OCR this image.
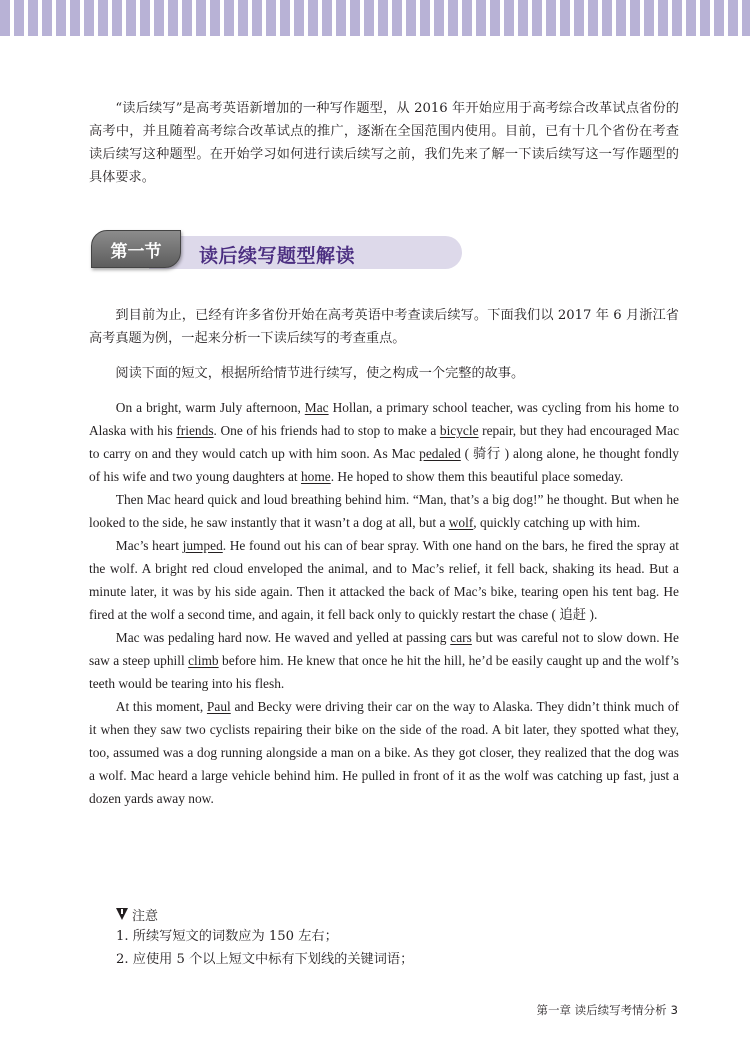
“读后续写”是高考英语新增加的一种写作题型，从 2016 年开始应用于高考综合改革试点省份的高考中，并且随着高考综合改革试点的推广，逐渐在全国范围内使用。目前，已有十几个省份在考查读后续写这种题型。在开始学习如何进行读后续写之前，我们先来了解一下读后续写这一写作题型的具体要求。

读后续写题型解读
第一节

到目前为止，已经有许多省份开始在高考英语中考查读后续写。下面我们以 2017 年 6 月浙江省高考真题为例，一起来分析一下读后续写的考查重点。

阅读下面的短文，根据所给情节进行续写，使之构成一个完整的故事。

On a bright, warm July afternoon, Mac Hollan, a primary school teacher, was cycling from his home to Alaska with his friends. One of his friends had to stop to make a bicycle repair, but they had encouraged Mac to carry on and they would catch up with him soon. As Mac pedaled ( 骑行 ) along alone, he thought fondly of his wife and two young daughters at home. He hoped to show them this beautiful place someday.

Then Mac heard quick and loud breathing behind him. “Man, that’s a big dog!” he thought. But when he looked to the side, he saw instantly that it wasn’t a dog at all, but a wolf, quickly catching up with him.

Mac’s heart jumped. He found out his can of bear spray. With one hand on the bars, he fired the spray at the wolf. A bright red cloud enveloped the animal, and to Mac’s relief, it fell back, shaking its head. But a minute later, it was by his side again. Then it attacked the back of Mac’s bike, tearing open his tent bag. He fired at the wolf a second time, and again, it fell back only to quickly restart the chase ( 追赶 ).

Mac was pedaling hard now. He waved and yelled at passing cars but was careful not to slow down. He saw a steep uphill climb before him. He knew that once he hit the hill, he’d be easily caught up and the wolf’s teeth would be tearing into his flesh.

At this moment, Paul and Becky were driving their car on the way to Alaska. They didn’t think much of it when they saw two cyclists repairing their bike on the side of the road. A bit later, they spotted what they, too, assumed was a dog running alongside a man on a bike. As they got closer, they realized that the dog was a wolf. Mac heard a large vehicle behind him. He pulled in front of it as the wolf was catching up fast, just a dozen yards away now.

注意

1. 所续写短文的词数应为 150 左右；

2. 应使用 5 个以上短文中标有下划线的关键词语；

第一章 读后续写考情分析 3
